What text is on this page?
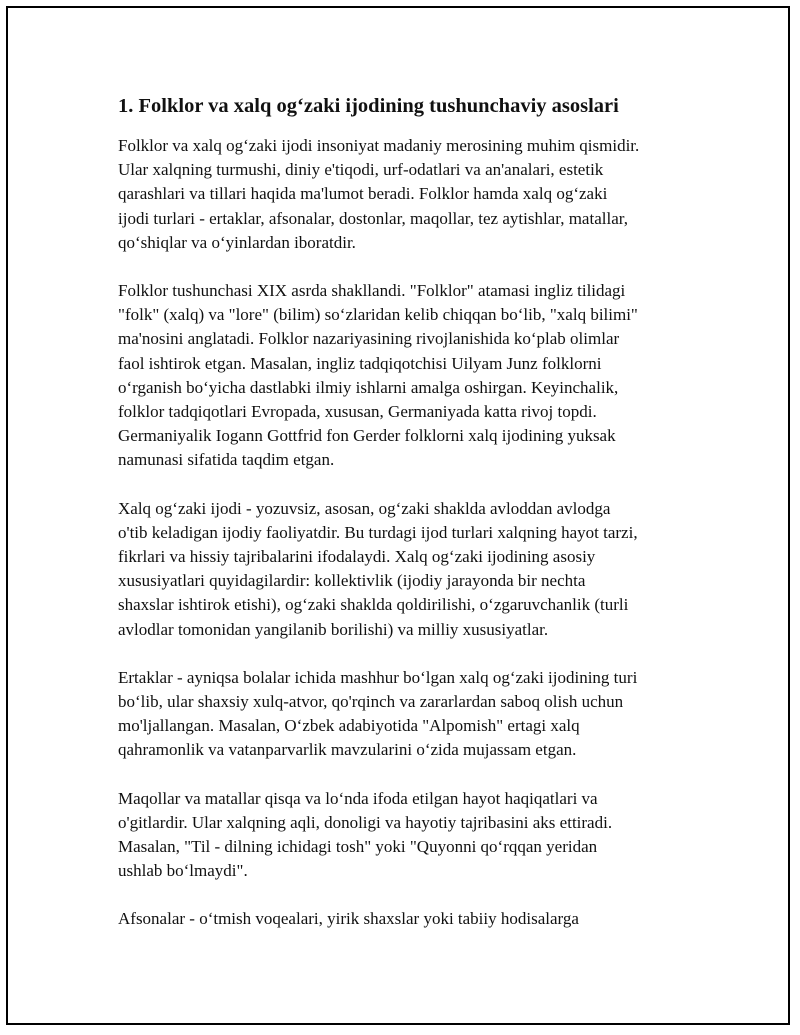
1. Folklor va xalq og‘zaki ijodining tushunchaviy asoslari

Folklor va xalq og‘zaki ijodi insoniyat madaniy merosining muhim qismidir.
Ular xalqning turmushi, diniy e'tiqodi, urf-odatlari va an'analari, estetik
qarashlari va tillari haqida ma'lumot beradi. Folklor hamda xalq og‘zaki
ijodi turlari - ertaklar, afsonalar, dostonlar, maqollar, tez aytishlar, matallar,
qo‘shiqlar va o‘yinlardan iboratdir.

Folklor tushunchasi XIX asrda shakllandi. "Folklor" atamasi ingliz tilidagi
"folk" (xalq) va "lore" (bilim) so‘zlaridan kelib chiqqan bo‘lib, "xalq bilimi"
ma'nosini anglatadi. Folklor nazariyasining rivojlanishida ko‘plab olimlar
faol ishtirok etgan. Masalan, ingliz tadqiqotchisi Uilyam Junz folklorni
o‘rganish bo‘yicha dastlabki ilmiy ishlarni amalga oshirgan. Keyinchalik,
folklor tadqiqotlari Evropada, xususan, Germaniyada katta rivoj topdi.
Germaniyalik Iogann Gottfrid fon Gerder folklorni xalq ijodining yuksak
namunasi sifatida taqdim etgan.

Xalq og‘zaki ijodi - yozuvsiz, asosan, og‘zaki shaklda avloddan avlodga
o'tib keladigan ijodiy faoliyatdir. Bu turdagi ijod turlari xalqning hayot tarzi,
fikrlari va hissiy tajribalarini ifodalaydi. Xalq og‘zaki ijodining asosiy
xususiyatlari quyidagilardir: kollektivlik (ijodiy jarayonda bir nechta
shaxslar ishtirok etishi), og‘zaki shaklda qoldirilishi, o‘zgaruvchanlik (turli
avlodlar tomonidan yangilanib borilishi) va milliy xususiyatlar.

Ertaklar - ayniqsa bolalar ichida mashhur bo‘lgan xalq og‘zaki ijodining turi
bo‘lib, ular shaxsiy xulq-atvor, qo'rqinch va zararlardan saboq olish uchun
mo'ljallangan. Masalan, O‘zbek adabiyotida "Alpomish" ertagi xalq
qahramonlik va vatanparvarlik mavzularini o‘zida mujassam etgan.

Maqollar va matallar qisqa va lo‘nda ifoda etilgan hayot haqiqatlari va
o'gitlardir. Ular xalqning aqli, donoligi va hayotiy tajribasini aks ettiradi.
Masalan, "Til - dilning ichidagi tosh" yoki "Quyonni qo‘rqqan yeridan
ushlab bo‘lmaydi".

Afsonalar - o‘tmish voqealari, yirik shaxslar yoki tabiiy hodisalarga
